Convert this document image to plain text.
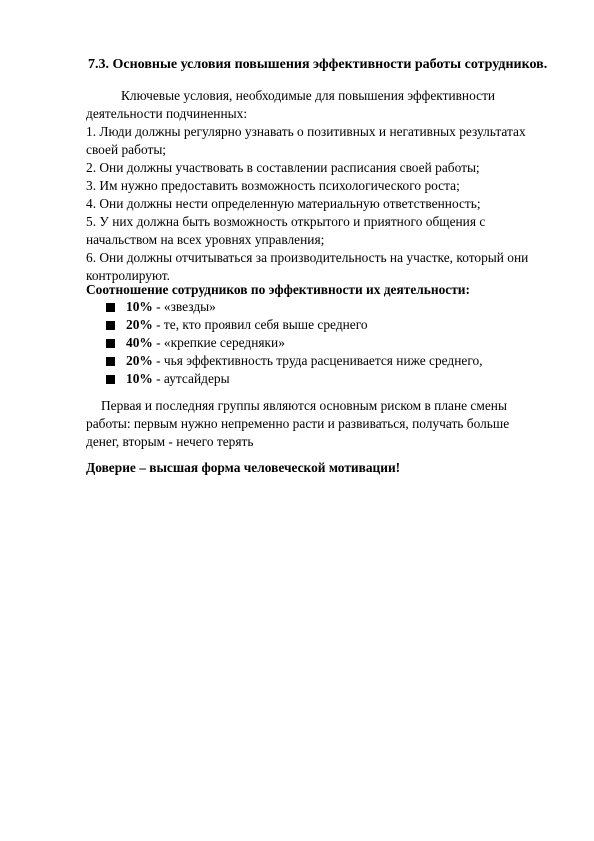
7.3. Основные условия повышения эффективности работы сотрудников.
Ключевые условия, необходимые для повышения эффективности деятельности подчиненных:
1. Люди должны регулярно узнавать о позитивных и негативных результатах своей работы;
2. Они должны участвовать в составлении расписания своей работы;
3. Им нужно предоставить возможность психологического роста;
4. Они должны нести определенную материальную ответственность;
5. У них должна быть возможность открытого и приятного общения с начальством на всех уровнях управления;
6. Они должны отчитываться за производительность на участке, который они контролируют.
Соотношение сотрудников по эффективности их деятельности:
10% - «звезды»
20% - те, кто проявил себя выше среднего
40% - «крепкие середняки»
20% - чья эффективность труда расценивается ниже среднего,
10% - аутсайдеры
Первая и последняя группы являются основным риском в плане смены работы: первым нужно непременно расти и развиваться, получать больше денег, вторым - нечего терять
Доверие – высшая форма человеческой мотивации!
